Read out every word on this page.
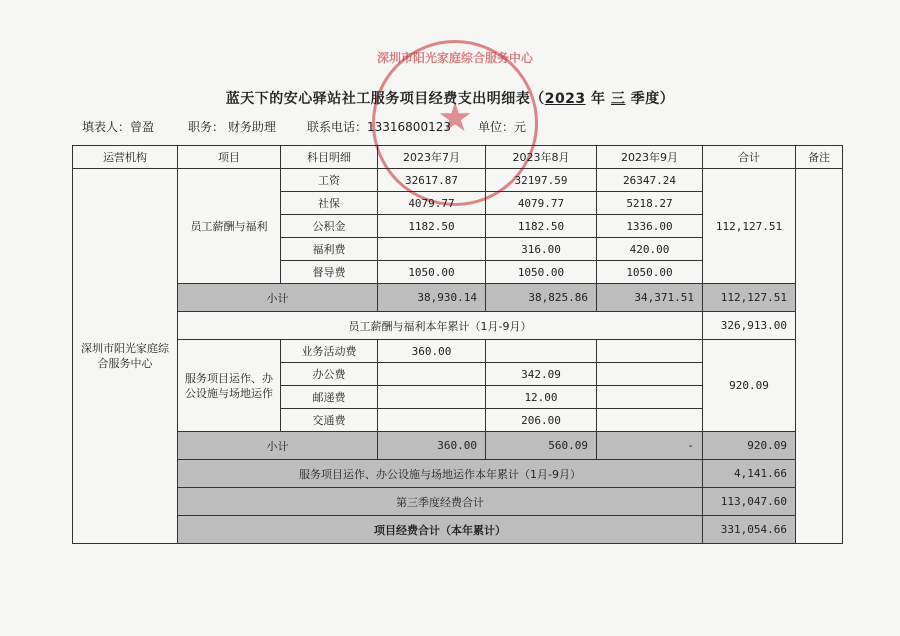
深圳市阳光家庭综合服务中心
★
蓝天下的安心驿站社工服务项目经费支出明细表（2023 年 三 季度）
填表人：曾盈	职务： 财务助理	联系电话：13316800123 单位：元
运营机构	项目	科目明细	2023年7月	2023年8月	2023年9月	合计	备注
深圳市阳光家庭综合服务中心	员工薪酬与福利	工资	32617.87	32197.59	26347.24	112,127.51	
		社保	4079.77	4079.77	5218.27		
		公积金	1182.50	1182.50	1336.00		
		福利费		316.00	420.00		
		督导费	1050.00	1050.00	1050.00		
	小计		38,930.14	38,825.86	34,371.51	112,127.51	
	员工薪酬与福利本年累计（1月-9月）					326,913.00	
	服务项目运作、办公设施与场地运作	业务活动费	360.00			920.09	
		办公费		342.09			
		邮递费		12.00			
		交通费		206.00			
	小计		360.00	560.09	-	920.09	
	服务项目运作、办公设施与场地运作本年累计（1月-9月）					4,141.66	
	第三季度经费合计					113,047.60	
	项目经费合计（本年累计）					331,054.66	
